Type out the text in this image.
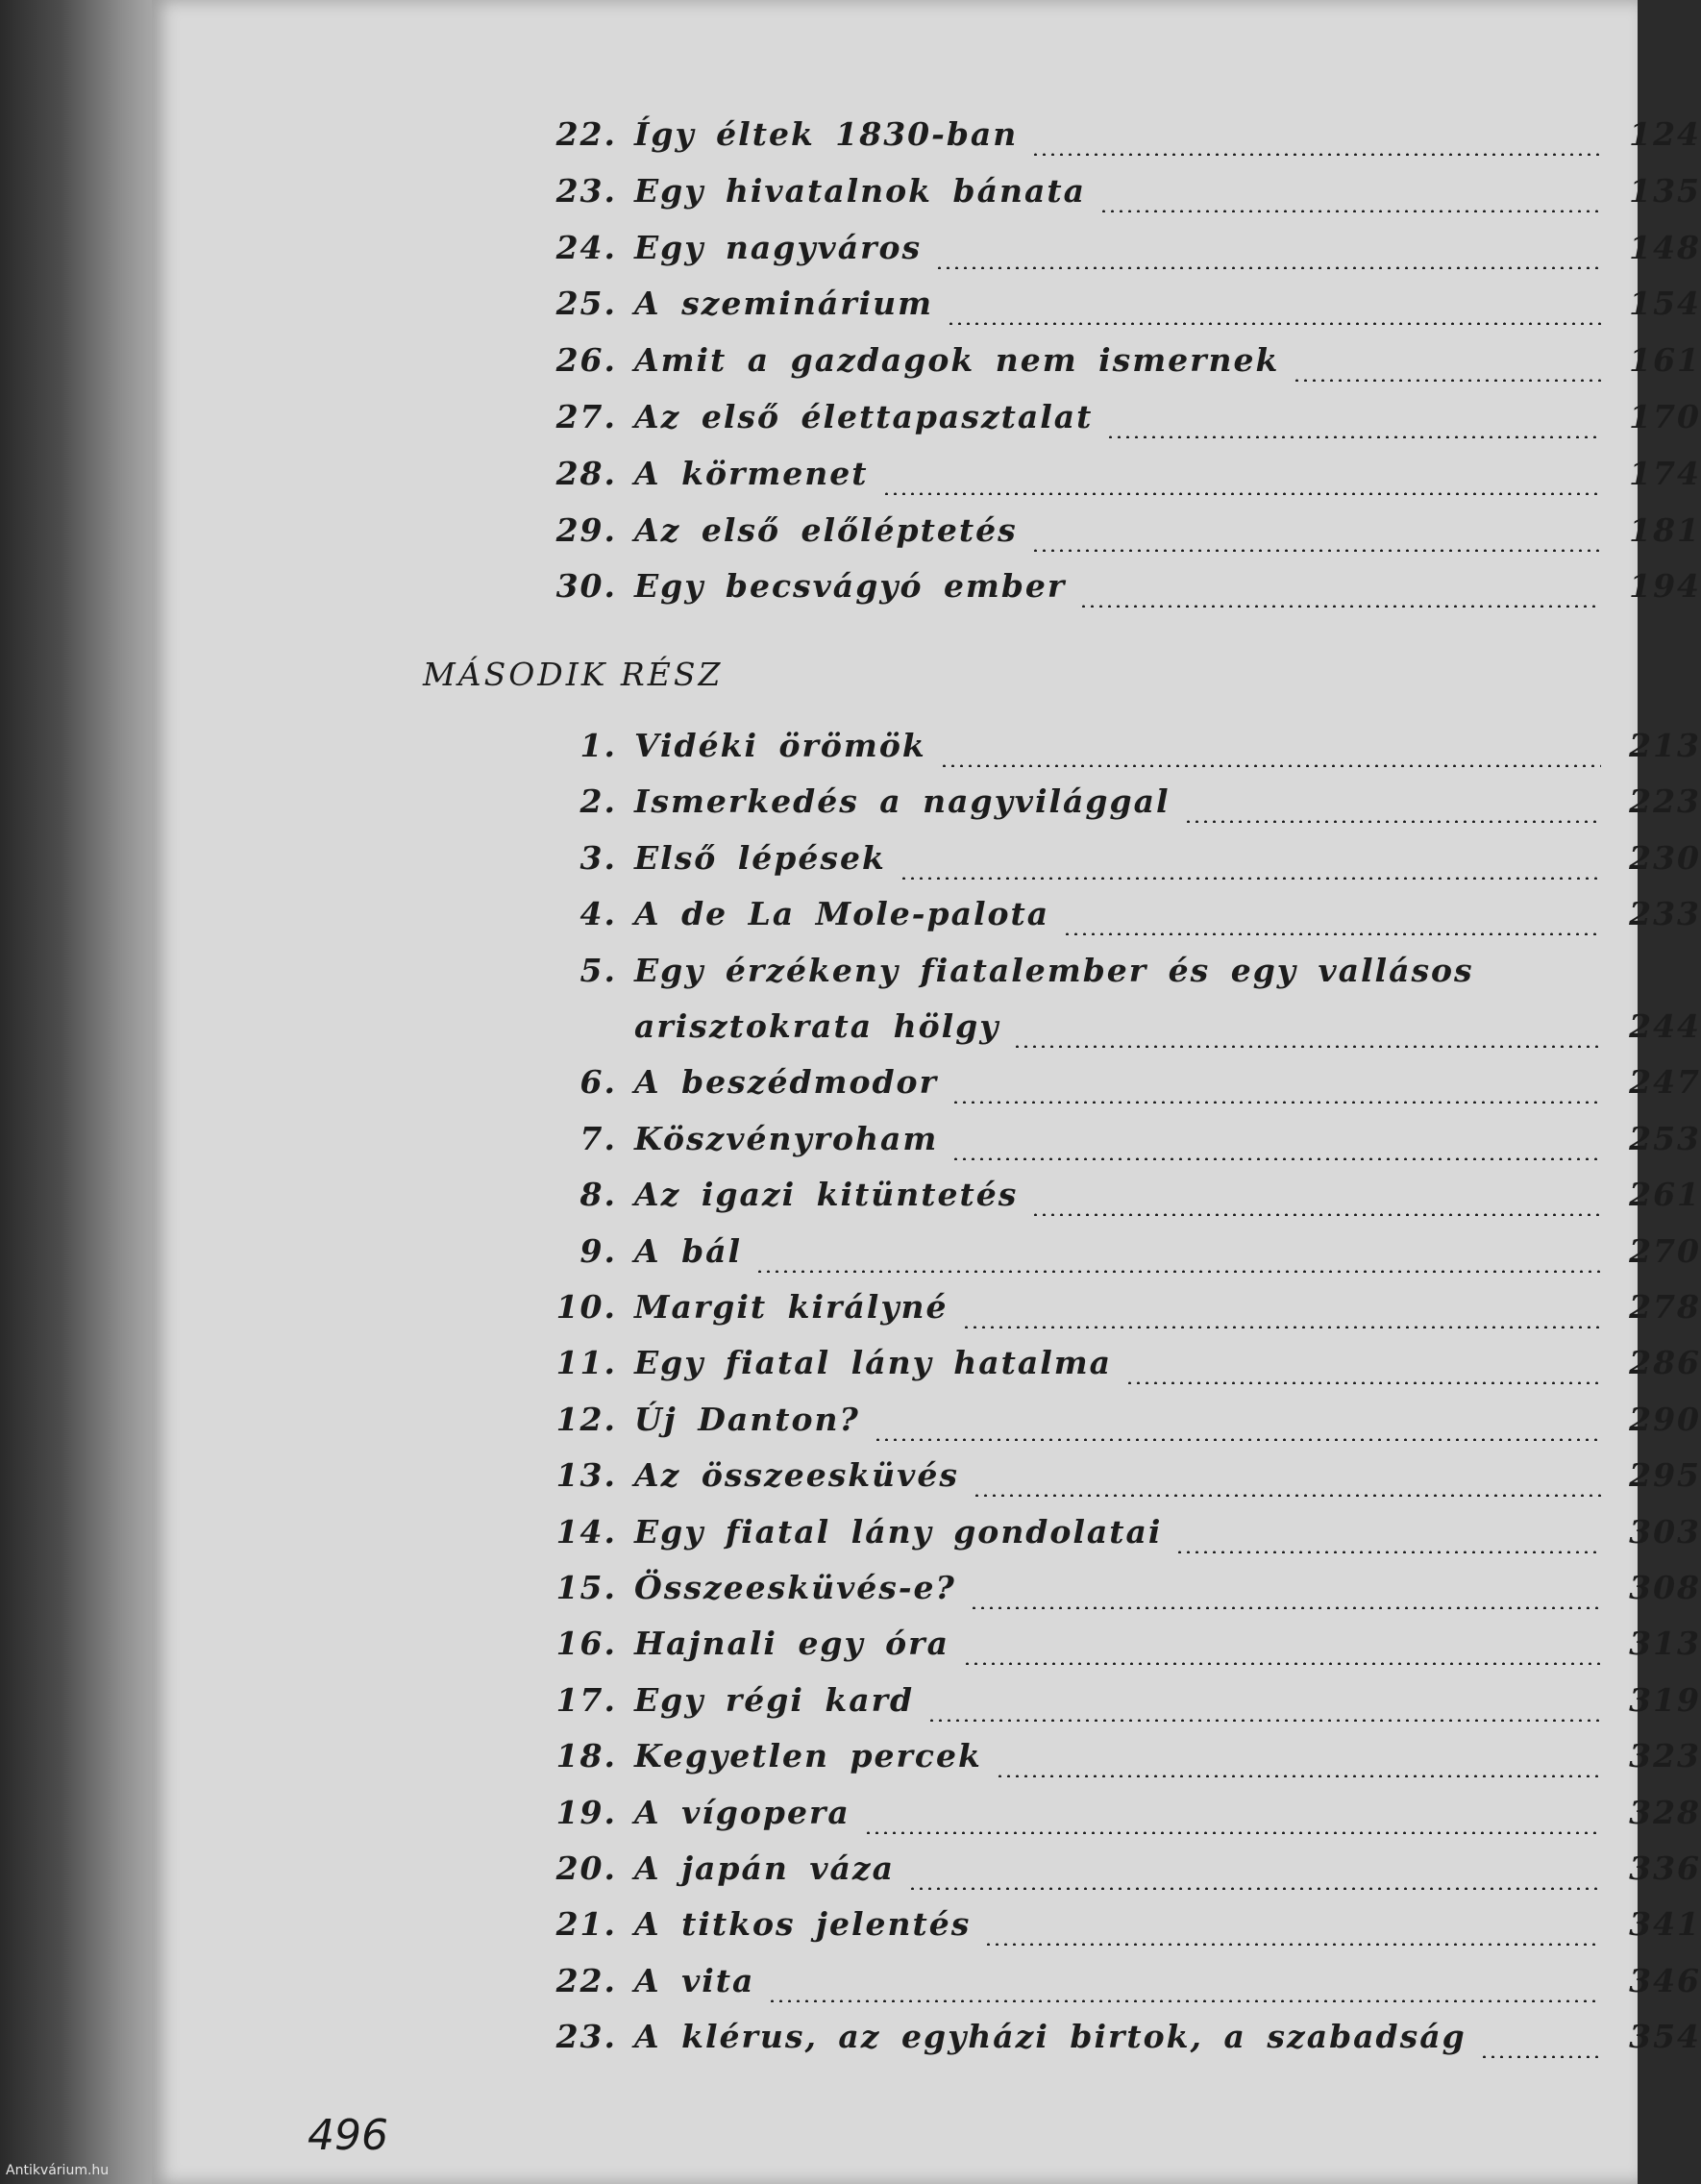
MÁSODIK RÉSZ
22. Így éltek 1830-ban	124
23. Egy hivatalnok bánata	135
24. Egy nagyváros	148
25. A szeminárium	154
26. Amit a gazdagok nem ismernek	161
27. Az első élettapasztalat	170
28. A körmenet	174
29. Az első előléptetés	181
30. Egy becsvágyó ember	194
1. Vidéki örömök	213
2. Ismerkedés a nagyvilággal	223
3. Első lépések	230
4. A de La Mole-palota	233
5. Egy érzékeny fiatalember és egy vallásos
arisztokrata hölgy	244
6. A beszédmodor	247
7. Köszvényroham	253
8. Az igazi kitüntetés	261
9. A bál	270
10. Margit királyné	278
11. Egy fiatal lány hatalma	286
12. Új Danton?	290
13. Az összeesküvés	295
14. Egy fiatal lány gondolatai	303
15. Összeesküvés-e?	308
16. Hajnali egy óra	313
17. Egy régi kard	319
18. Kegyetlen percek	323
19. A vígopera	328
20. A japán váza	336
21. A titkos jelentés	341
22. A vita	346
23. A klérus, az egyházi birtok, a szabadság	354
496
Antikvárium.hu
